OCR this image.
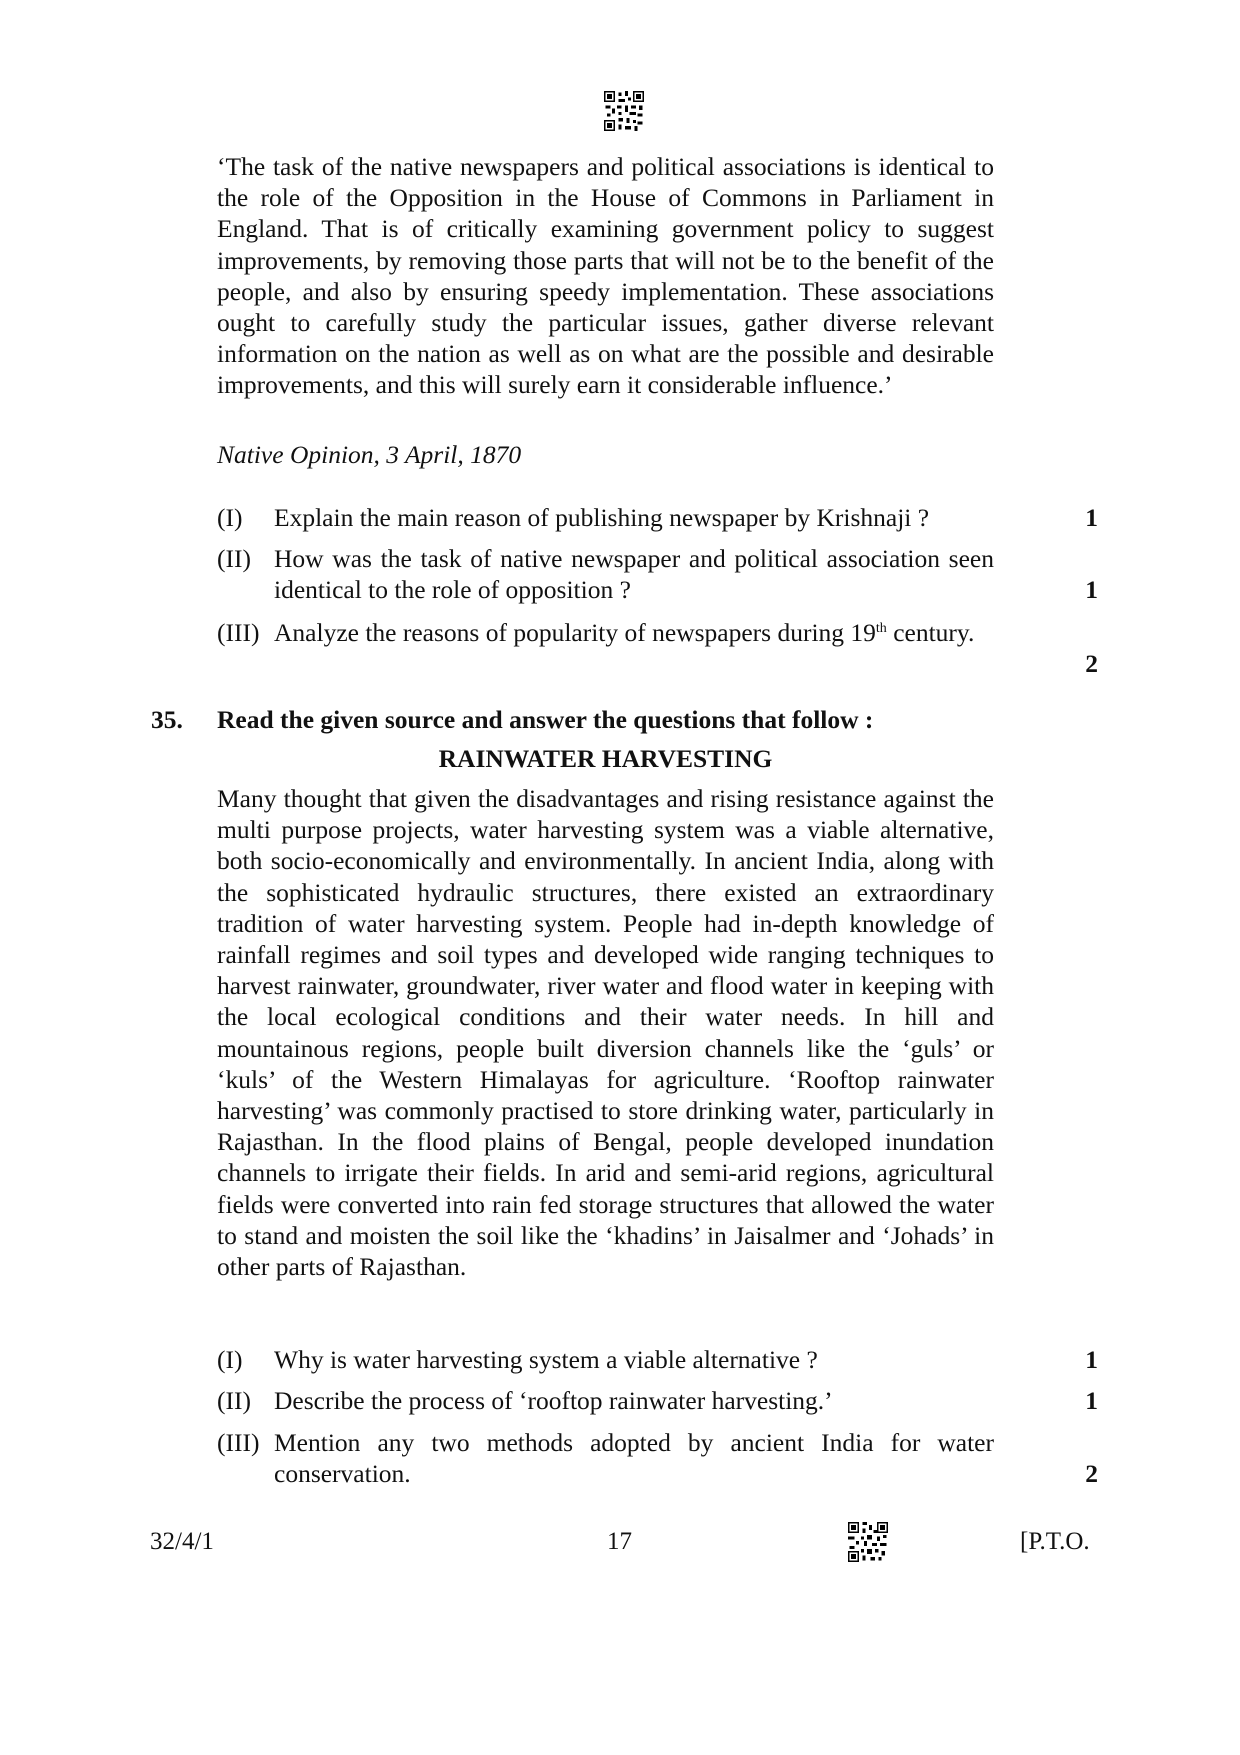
‘The task of the native newspapers and political associations is identical to the role of the Opposition in the House of Commons in Parliament in England. That is of critically examining government policy to suggest improvements, by removing those parts that will not be to the benefit of the people, and also by ensuring speedy implementation. These associations ought to carefully study the particular issues, gather diverse relevant information on the nation as well as on what are the possible and desirable improvements, and this will surely earn it considerable influence.’
Native Opinion, 3 April, 1870
(I) Explain the main reason of publishing newspaper by Krishnaji ?	1
(II) How was the task of native newspaper and political association seen identical to the role of opposition ?	1
(III) Analyze the reasons of popularity of newspapers during 19th century.
2
35. Read the given source and answer the questions that follow :
RAINWATER HARVESTING
Many thought that given the disadvantages and rising resistance against the multi purpose projects, water harvesting system was a viable alternative, both socio-economically and environmentally. In ancient India, along with the sophisticated hydraulic structures, there existed an extraordinary tradition of water harvesting system. People had in-depth knowledge of rainfall regimes and soil types and developed wide ranging techniques to harvest rainwater, groundwater, river water and flood water in keeping with the local ecological conditions and their water needs. In hill and mountainous regions, people built diversion channels like the ‘guls’ or ‘kuls’ of the Western Himalayas for agriculture. ‘Rooftop rainwater harvesting’ was commonly practised to store drinking water, particularly in Rajasthan. In the flood plains of Bengal, people developed inundation channels to irrigate their fields. In arid and semi-arid regions, agricultural fields were converted into rain fed storage structures that allowed the water to stand and moisten the soil like the ‘khadins’ in Jaisalmer and ‘Johads’ in other parts of Rajasthan.
(I) Why is water harvesting system a viable alternative ?	1
(II) Describe the process of ‘rooftop rainwater harvesting.’	1
(III) Mention any two methods adopted by ancient India for water conservation.	2
32/4/1	17	[P.T.O.
